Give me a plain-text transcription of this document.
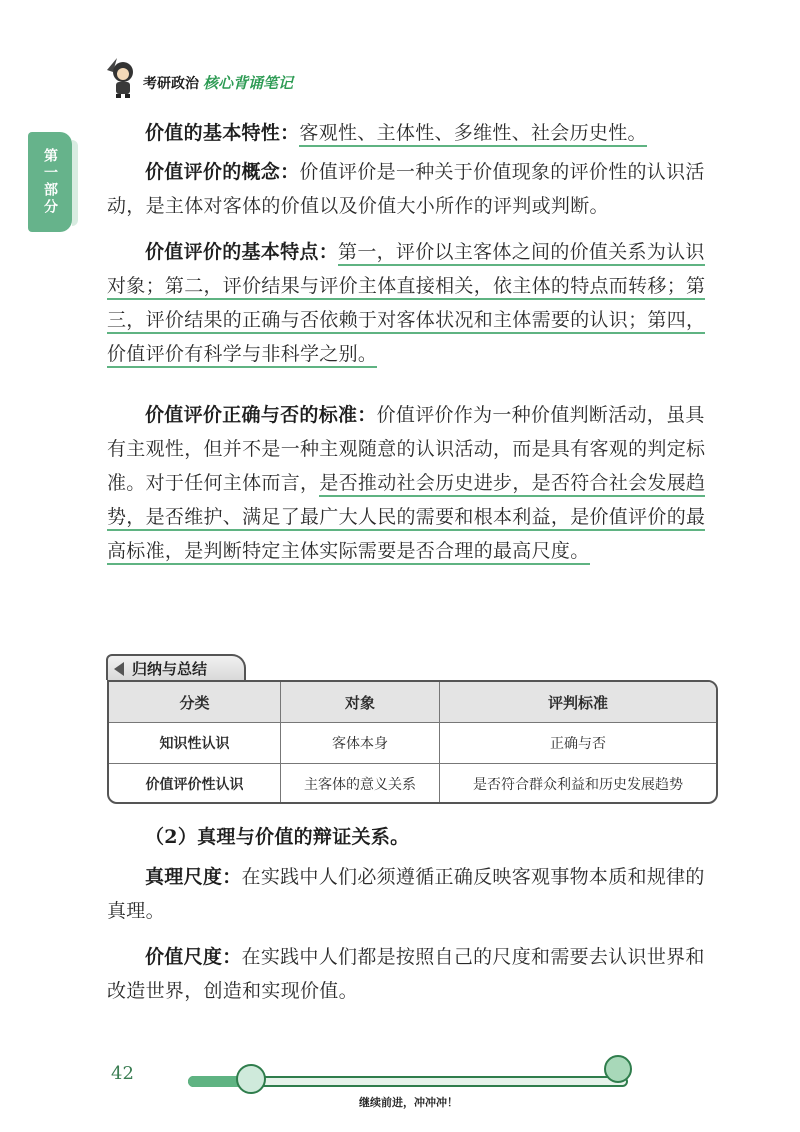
考研政治 核心背诵笔记
第一部分
价值的基本特性：客观性、主体性、多维性、社会历史性。
价值评价的概念：价值评价是一种关于价值现象的评价性的认识活动，是主体对客体的价值以及价值大小所作的评判或判断。
价值评价的基本特点：第一，评价以主客体之间的价值关系为认识对象；第二，评价结果与评价主体直接相关，依主体的特点而转移；第三，评价结果的正确与否依赖于对客体状况和主体需要的认识；第四，价值评价有科学与非科学之别。
价值评价正确与否的标准：价值评价作为一种价值判断活动，虽具有主观性，但并不是一种主观随意的认识活动，而是具有客观的判定标准。对于任何主体而言，是否推动社会历史进步，是否符合社会发展趋势，是否维护、满足了最广大人民的需要和根本利益，是价值评价的最高标准，是判断特定主体实际需要是否合理的最高尺度。
归纳与总结
分类	对象	评判标准
知识性认识	客体本身	正确与否
价值评价性认识	主客体的意义关系	是否符合群众利益和历史发展趋势
（2）真理与价值的辩证关系。
真理尺度：在实践中人们必须遵循正确反映客观事物本质和规律的真理。
价值尺度：在实践中人们都是按照自己的尺度和需要去认识世界和改造世界，创造和实现价值。
42
继续前进，冲冲冲！
